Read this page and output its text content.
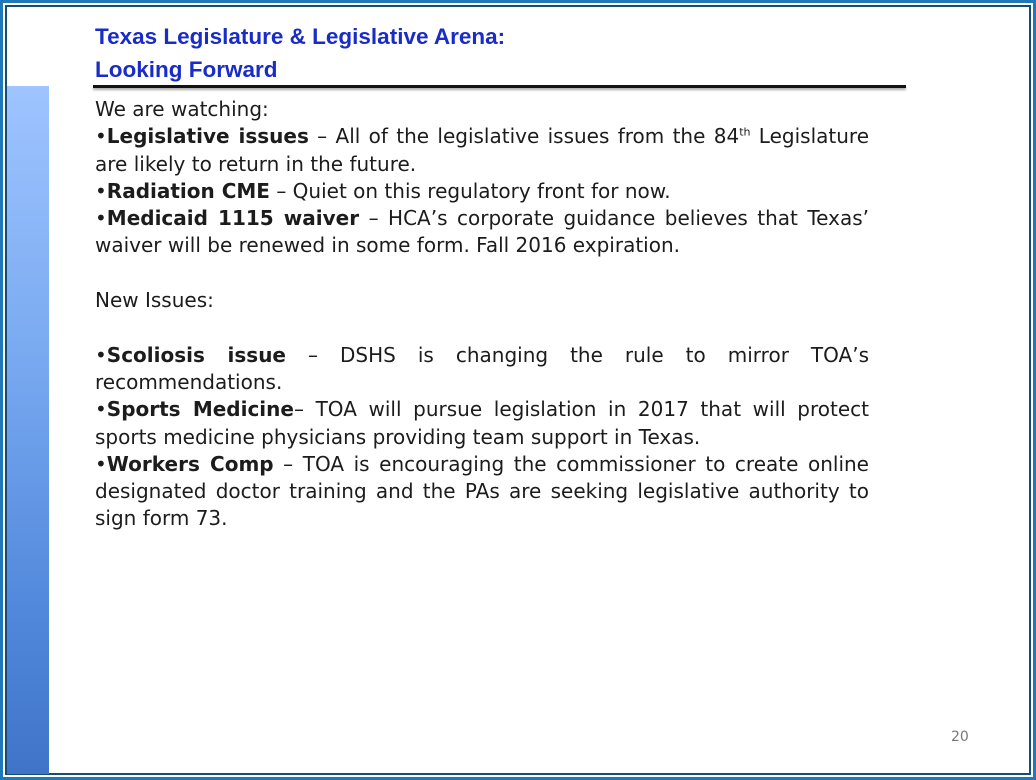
Texas Legislature & Legislative Arena:
Looking Forward

We are watching:

•Legislative issues – All of the legislative issues from the 84th Legislature are likely to return in the future.

•Radiation CME – Quiet on this regulatory front for now.

•Medicaid 1115 waiver – HCA’s corporate guidance believes that Texas’ waiver will be renewed in some form. Fall 2016 expiration.

New Issues:

•Scoliosis issue – DSHS is changing the rule to mirror TOA’s recommendations.

•Sports Medicine– TOA will pursue legislation in 2017 that will protect sports medicine physicians providing team support in Texas.

•Workers Comp – TOA is encouraging the commissioner to create online designated doctor training and the PAs are seeking legislative authority to sign form 73.

20
